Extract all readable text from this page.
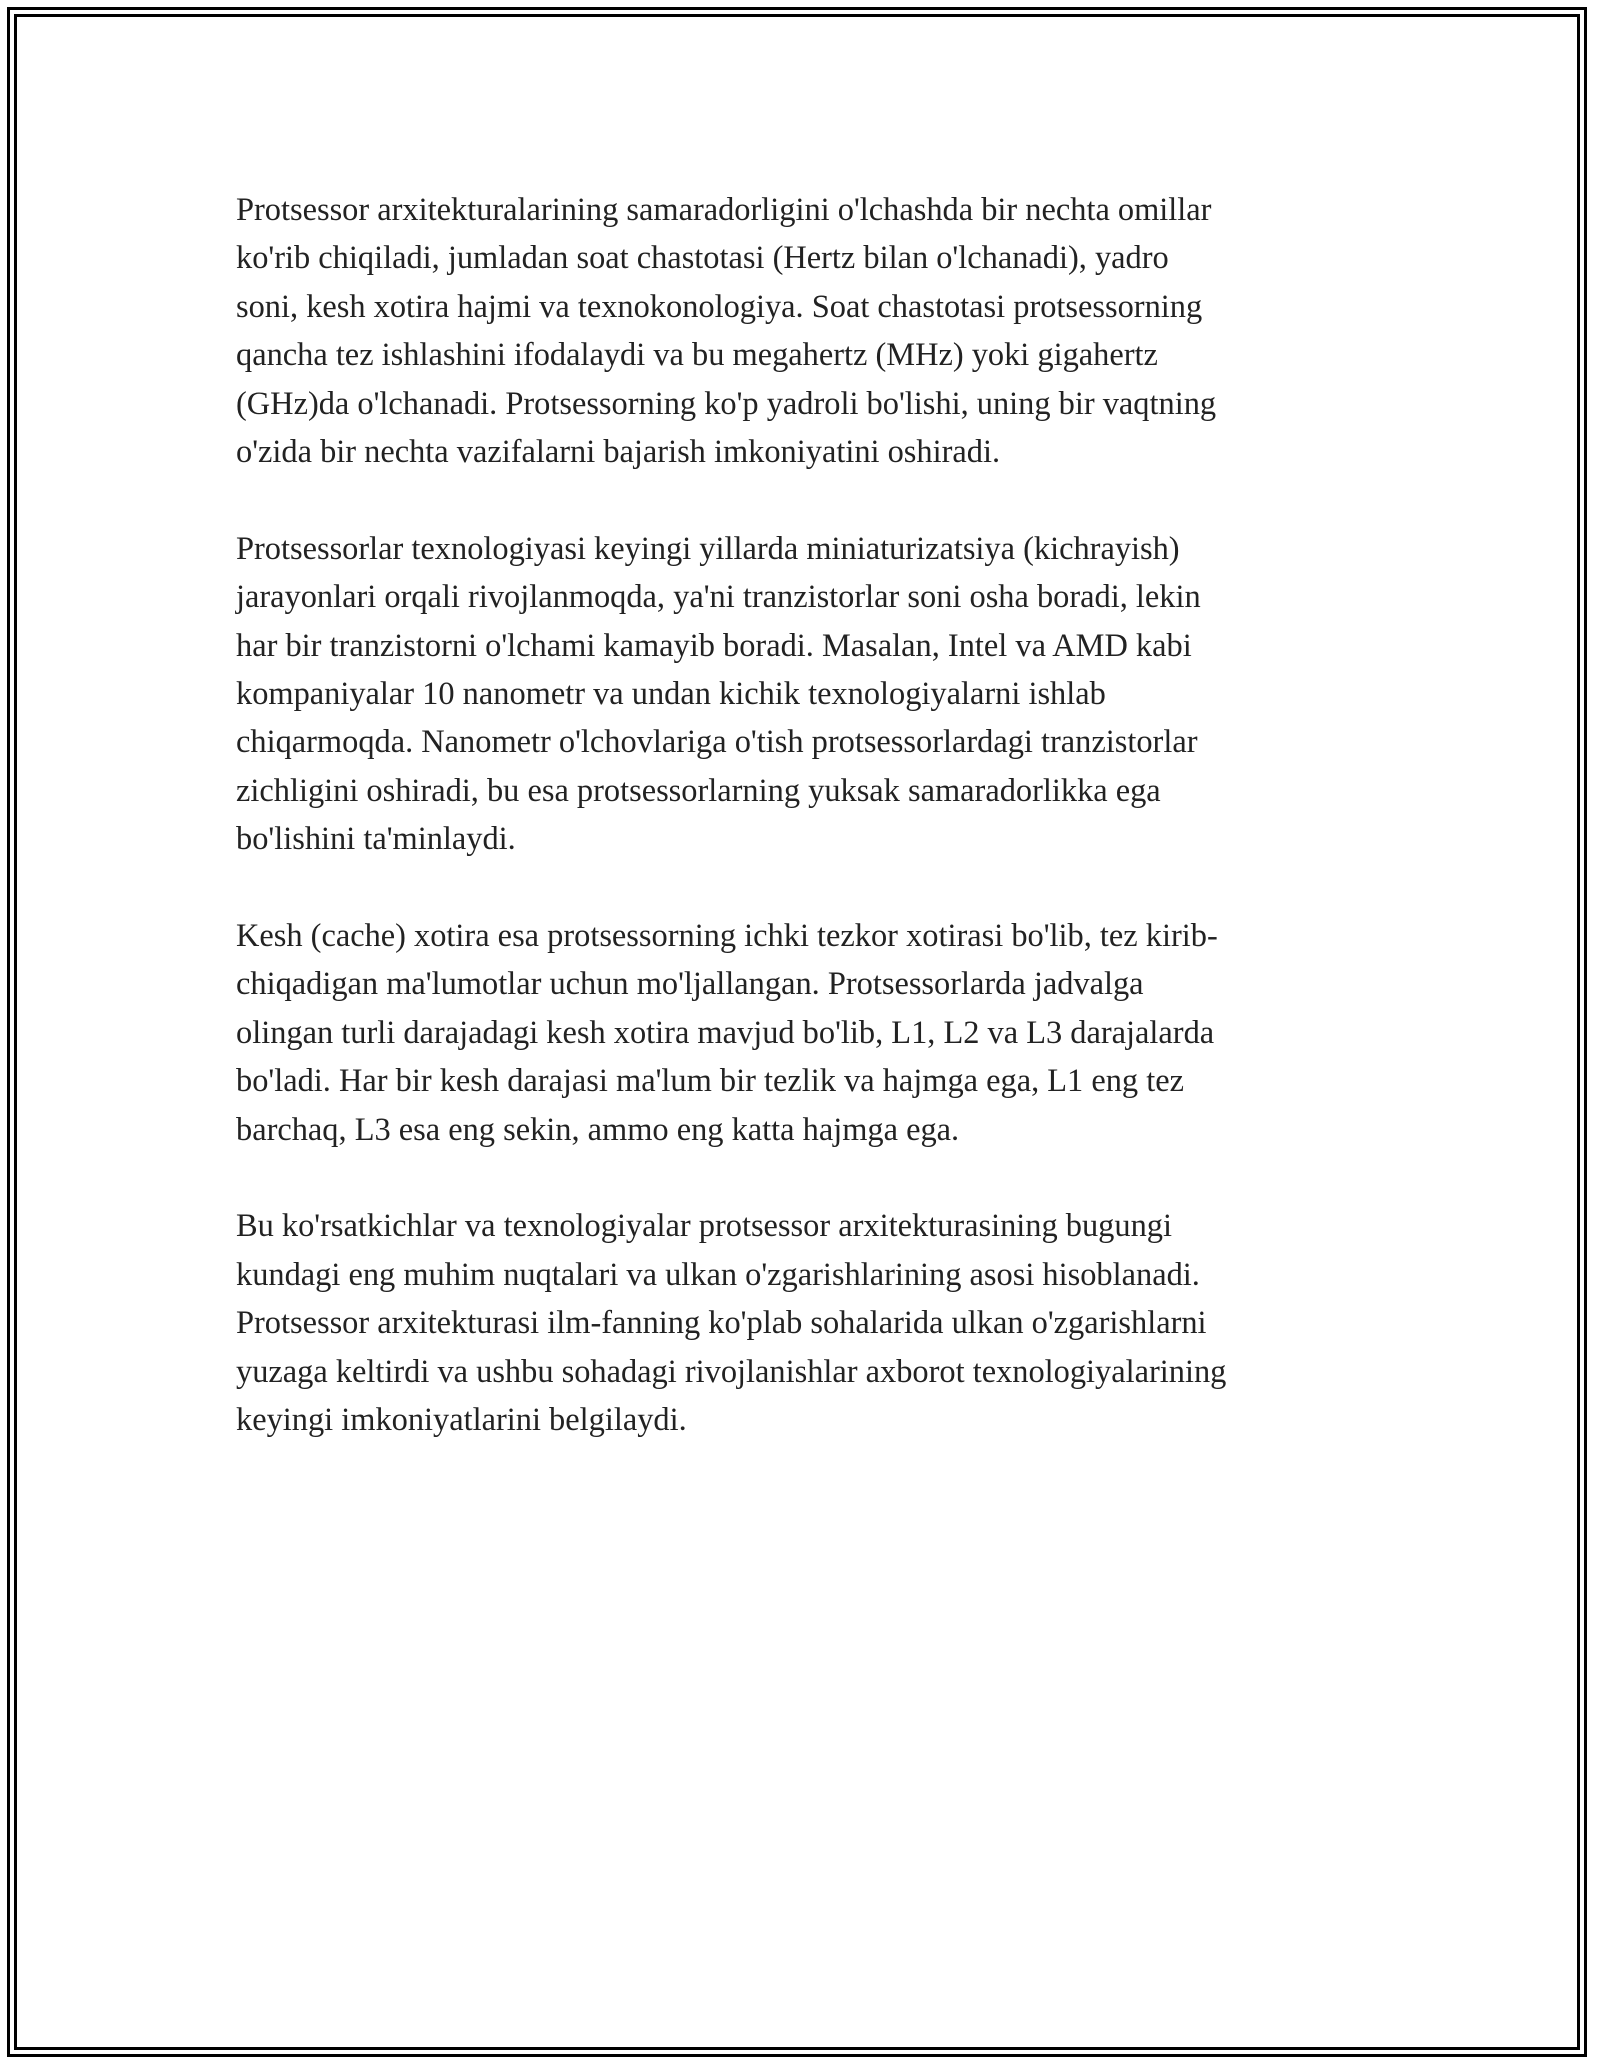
Protsessor arxitekturalarining samaradorligini o'lchashda bir nechta omillar
ko'rib chiqiladi, jumladan soat chastotasi (Hertz bilan o'lchanadi), yadro
soni, kesh xotira hajmi va texnokonologiya. Soat chastotasi protsessorning
qancha tez ishlashini ifodalaydi va bu megahertz (MHz) yoki gigahertz
(GHz)da o'lchanadi. Protsessorning ko'p yadroli bo'lishi, uning bir vaqtning
o'zida bir nechta vazifalarni bajarish imkoniyatini oshiradi.

Protsessorlar texnologiyasi keyingi yillarda miniaturizatsiya (kichrayish)
jarayonlari orqali rivojlanmoqda, ya'ni tranzistorlar soni osha boradi, lekin
har bir tranzistorni o'lchami kamayib boradi. Masalan, Intel va AMD kabi
kompaniyalar 10 nanometr va undan kichik texnologiyalarni ishlab
chiqarmoqda. Nanometr o'lchovlariga o'tish protsessorlardagi tranzistorlar
zichligini oshiradi, bu esa protsessorlarning yuksak samaradorlikka ega
bo'lishini ta'minlaydi.

Kesh (cache) xotira esa protsessorning ichki tezkor xotirasi bo'lib, tez kirib-
chiqadigan ma'lumotlar uchun mo'ljallangan. Protsessorlarda jadvalga
olingan turli darajadagi kesh xotira mavjud bo'lib, L1, L2 va L3 darajalarda
bo'ladi. Har bir kesh darajasi ma'lum bir tezlik va hajmga ega, L1 eng tez
barchaq, L3 esa eng sekin, ammo eng katta hajmga ega.

Bu ko'rsatkichlar va texnologiyalar protsessor arxitekturasining bugungi
kundagi eng muhim nuqtalari va ulkan o'zgarishlarining asosi hisoblanadi.
Protsessor arxitekturasi ilm-fanning ko'plab sohalarida ulkan o'zgarishlarni
yuzaga keltirdi va ushbu sohadagi rivojlanishlar axborot texnologiyalarining
keyingi imkoniyatlarini belgilaydi.
